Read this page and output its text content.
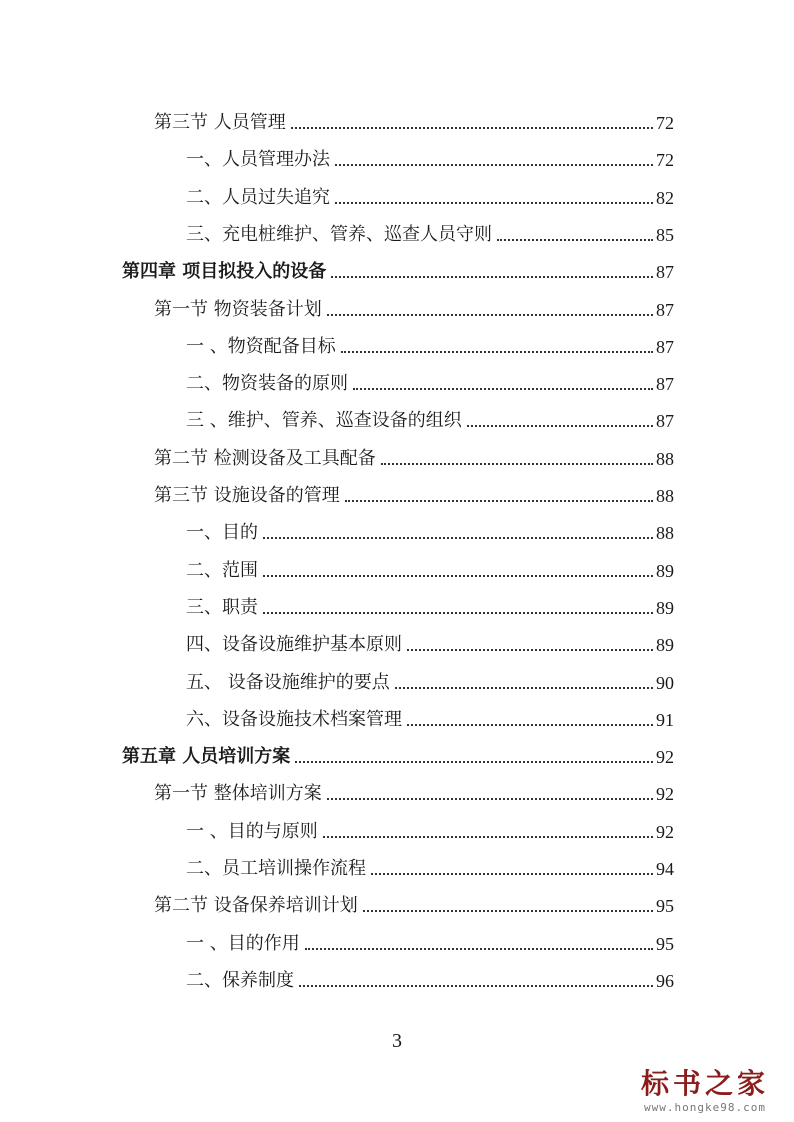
第三节 人员管理	72
一、人员管理办法	72
二、人员过失追究	82
三、充电桩维护、管养、巡查人员守则	85
第四章 项目拟投入的设备	87
第一节 物资装备计划	87
一 、物资配备目标	87
二、物资装备的原则	87
三 、维护、管养、巡查设备的组织	87
第二节 检测设备及工具配备	88
第三节 设施设备的管理	88
一、目的	88
二、范围	89
三、职责	89
四、设备设施维护基本原则	89
五、 设备设施维护的要点	90
六、设备设施技术档案管理	91
第五章 人员培训方案	92
第一节 整体培训方案	92
一 、目的与原则	92
二、员工培训操作流程	94
第二节 设备保养培训计划	95
一 、目的作用	95
二、保养制度	96
3
标书之家
www.hongke98.com
